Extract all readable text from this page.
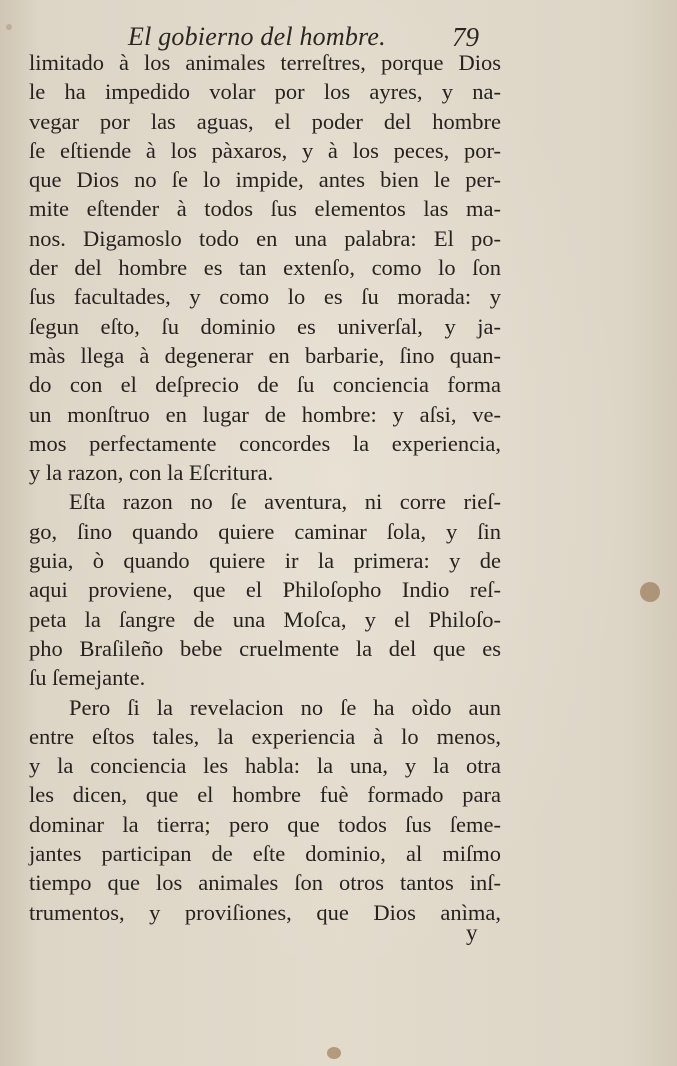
El gobierno del hombre. 79
limitado à los animales terreſtres, porque Dios
le ha impedido volar por los ayres, y na-
vegar por las aguas, el poder del hombre
ſe eſtiende à los pàxaros, y à los peces, por-
que Dios no ſe lo impide, antes bien le per-
mite eſtender à todos ſus elementos las ma-
nos. Digamoslo todo en una palabra: El po-
der del hombre es tan extenſo, como lo ſon
ſus facultades, y como lo es ſu morada: y
ſegun eſto, ſu dominio es univerſal, y ja-
màs llega à degenerar en barbarie, ſino quan-
do con el deſprecio de ſu conciencia forma
un monſtruo en lugar de hombre: y aſsi, ve-
mos perfectamente concordes la experiencia,
y la razon, con la Eſcritura.
Eſta razon no ſe aventura, ni corre rieſ-
go, ſino quando quiere caminar ſola, y ſin
guia, ò quando quiere ir la primera: y de
aqui proviene, que el Philoſopho Indio reſ-
peta la ſangre de una Moſca, y el Philoſo-
pho Braſileño bebe cruelmente la del que es
ſu ſemejante.
Pero ſi la revelacion no ſe ha oìdo aun
entre eſtos tales, la experiencia à lo menos,
y la conciencia les habla: la una, y la otra
les dicen, que el hombre fuè formado para
dominar la tierra; pero que todos ſus ſeme-
jantes participan de eſte dominio, al miſmo
tiempo que los animales ſon otros tantos inſ-
trumentos, y proviſiones, que Dios anìma,
y
